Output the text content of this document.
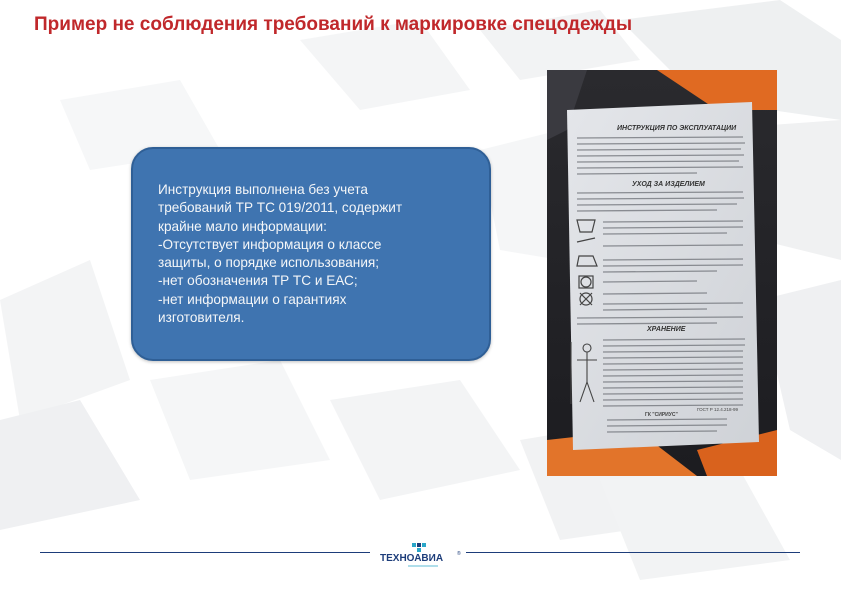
Пример не соблюдения требований к маркировке спецодежды
Инструкция выполнена без учета
требований ТР ТС 019/2011, содержит
крайне мало информации:
-Отсутствует информация о классе
защиты, о порядке использования;
-нет обозначения ТР ТС и ЕАС;
-нет информации о гарантиях
изготовителя.
ИНСТРУКЦИЯ ПО ЭКСПЛУАТАЦИИ
УХОД ЗА ИЗДЕЛИЕМ
ХРАНЕНИЕ
ГОСТ Р 12.4.218-99
ГК "СИРИУС"
ТЕХНОАВИА	®
